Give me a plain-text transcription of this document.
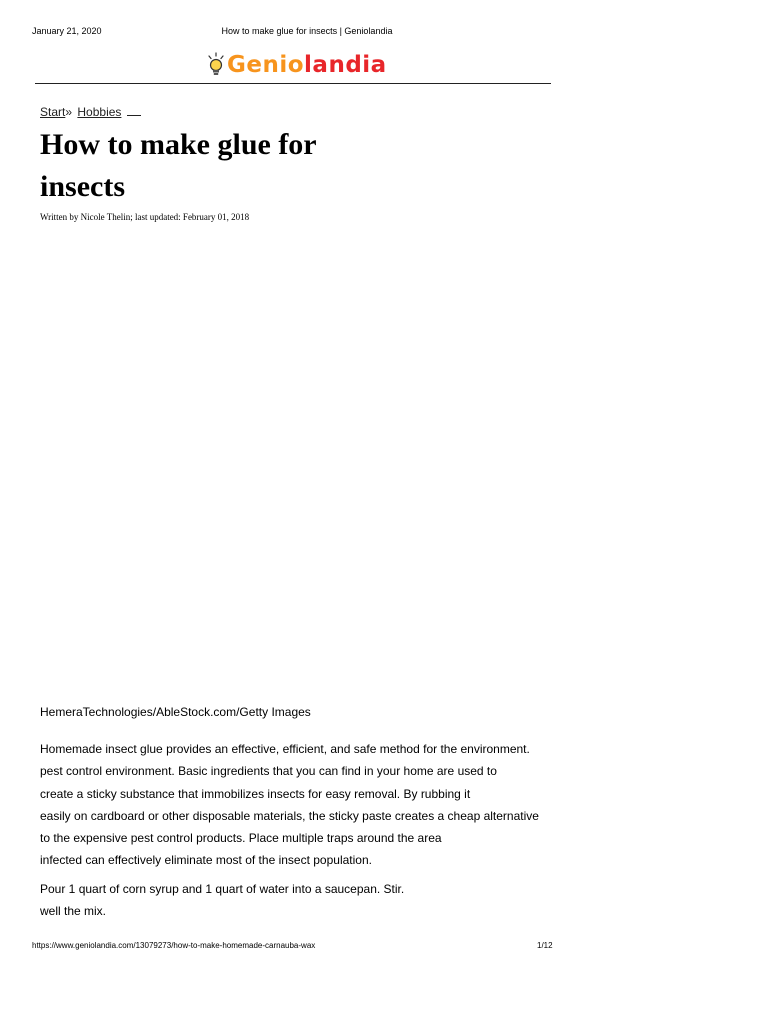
January 21, 2020	How to make glue for insects | Geniolandia
Geniolandia
Start» Hobbies
How to make glue for insects
Written by Nicole Thelin; last updated: February 01, 2018
HemeraTechnologies/AbleStock.com/Getty Images

Homemade insect glue provides an effective, efficient, and safe method for the environment.
pest control environment. Basic ingredients that you can find in your home are used to
create a sticky substance that immobilizes insects for easy removal. By rubbing it
easily on cardboard or other disposable materials, the sticky paste creates a cheap alternative
to the expensive pest control products. Place multiple traps around the area
infected can effectively eliminate most of the insect population.

Pour 1 quart of corn syrup and 1 quart of water into a saucepan. Stir.
well the mix.

https://www.geniolandia.com/13079273/how-to-make-homemade-carnauba-wax	1/12
